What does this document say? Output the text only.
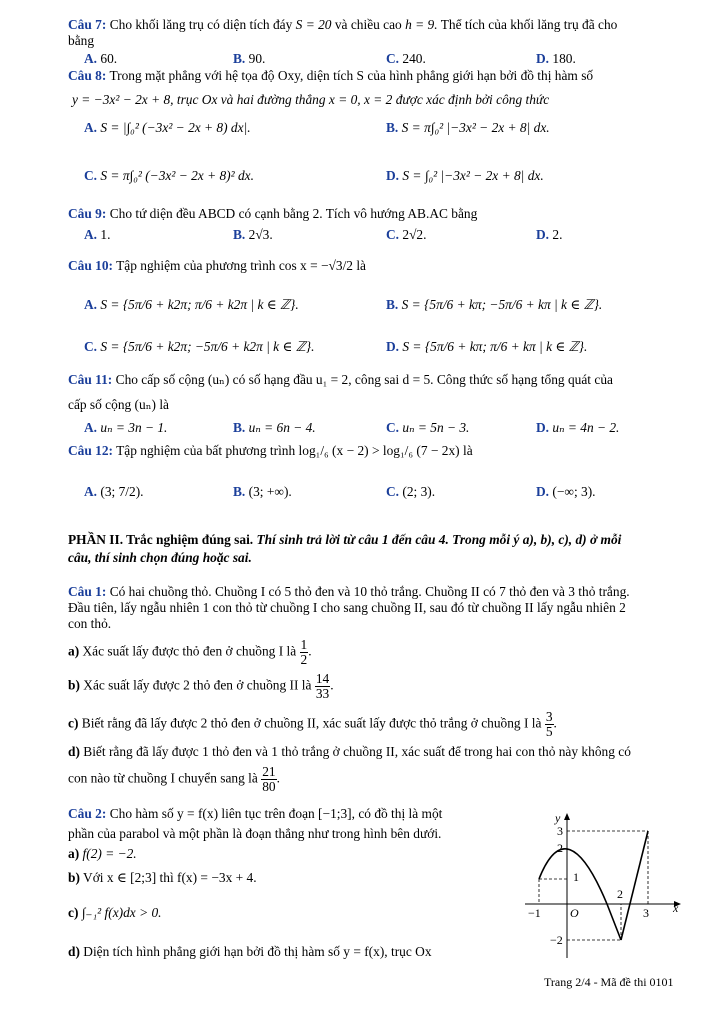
Câu 7: Cho khối lăng trụ có diện tích đáy S = 20 và chiều cao h = 9. Thể tích của khối lăng trụ đã cho
bằng
A. 60.	B. 90.	C. 240.	D. 180.
Câu 8: Trong mặt phẳng với hệ tọa độ Oxy, diện tích S của hình phẳng giới hạn bởi đồ thị hàm số
y = −3x² − 2x + 8, trục Ox và hai đường thẳng x = 0, x = 2 được xác định bởi công thức
A. S = |∫₀² (−3x² − 2x + 8) dx|.	B. S = π∫₀² |−3x² − 2x + 8| dx.
C. S = π∫₀² (−3x² − 2x + 8)² dx.	D. S = ∫₀² |−3x² − 2x + 8| dx.
Câu 9: Cho tứ diện đều ABCD có cạnh bằng 2. Tích vô hướng AB.AC bằng
A. 1.	B. 2√3.	C. 2√2.	D. 2.
Câu 10: Tập nghiệm của phương trình cos x = −√3/2 là
A. S = {5π/6 + k2π; π/6 + k2π | k ∈ ℤ}.	B. S = {5π/6 + kπ; −5π/6 + kπ | k ∈ ℤ}.
C. S = {5π/6 + k2π; −5π/6 + k2π | k ∈ ℤ}.	D. S = {5π/6 + kπ; π/6 + kπ | k ∈ ℤ}.
Câu 11: Cho cấp số cộng (uₙ) có số hạng đầu u₁ = 2, công sai d = 5. Công thức số hạng tổng quát của
cấp số cộng (uₙ) là
A. uₙ = 3n − 1.	B. uₙ = 6n − 4.	C. uₙ = 5n − 3.	D. uₙ = 4n − 2.
Câu 12: Tập nghiệm của bất phương trình log₁/₆ (x − 2) > log₁/₆ (7 − 2x) là
A. (3; 7/2).	B. (3; +∞).	C. (2; 3).	D. (−∞; 3).
PHẦN II. Trắc nghiệm đúng sai. Thí sinh trả lời từ câu 1 đến câu 4. Trong mỗi ý a), b), c), d) ở mỗi
câu, thí sinh chọn đúng hoặc sai.
Câu 1: Có hai chuồng thỏ. Chuồng I có 5 thỏ đen và 10 thỏ trắng. Chuồng II có 7 thỏ đen và 3 thỏ trắng.
Đầu tiên, lấy ngẫu nhiên 1 con thỏ từ chuồng I cho sang chuồng II, sau đó từ chuồng II lấy ngẫu nhiên 2
con thỏ.
a) Xác suất lấy được thỏ đen ở chuồng I là $\frac{1}{2}$ .
b) Xác suất lấy được 2 thỏ đen ở chuồng II là $\frac{14}{33}$ .
c) Biết rằng đã lấy được 2 thỏ đen ở chuồng II, xác suất lấy được thỏ trắng ở chuồng I là $\frac{3}{5}$ .
d) Biết rằng đã lấy được 1 thỏ đen và 1 thỏ trắng ở chuồng II, xác suất để trong hai con thỏ này không có
con nào từ chuồng I chuyển sang là $\frac{21}{80}$ .
Câu 2: Cho hàm số y = f(x) liên tục trên đoạn [−1;3], có đồ thị là một
phần của parabol và một phần là đoạn thẳng như trong hình bên dưới.
a) f(2) = −2.
b) Với x ∈ [2;3] thì f(x) = −3x + 4.
c) ∫₋₁² f(x)dx > 0.
d) Diện tích hình phẳng giới hạn bởi đồ thị hàm số y = f(x), trục Ox
y
x
O
3
2
1
−2
−1
2
3
Trang 2/4 - Mã đề thi 0101
